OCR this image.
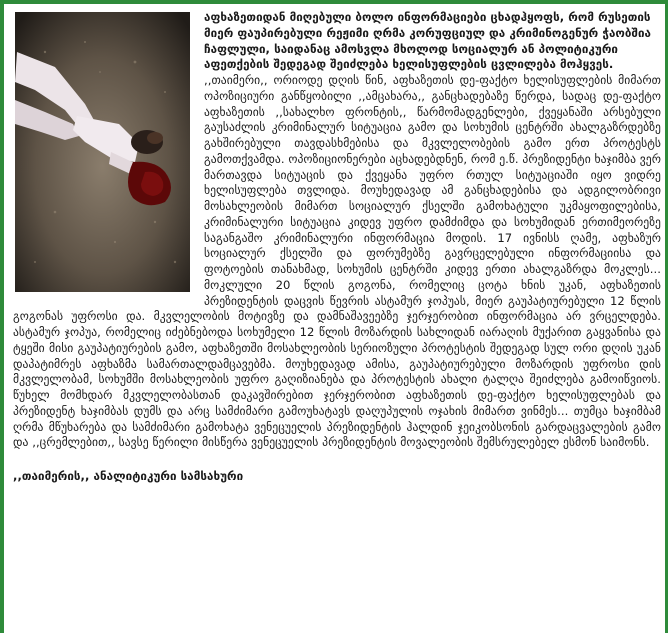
აფხაზეთიდან მიღებული ბოლო ინფორმაციები ცხადჰყოფს, რომ რუსეთის მიერ ფაუპირებული რეჟიმი ღრმა კორუფციულ და კრიმინოგენურ ჭაობშია ჩაფლული, საიდანაც ამოსვლა მხოლოდ სოციალურ ან პოლიტიკური აფეთქების შედეგად შეიძლება ხელისუფლების ცვლილება მოჰყვეს.

,,თაიმერი,, ორიოდე დღის წინ, აფხაზეთის დე-ფაქტო ხელისუფლების მიმართ ოპოზიციური განწყობილი ,,ამცახარა,, განცხადებაზე წერდა, სადაც დე-ფაქტო აფხაზეთის ,,სახალხო ფრონტის,, წარმომადგენლები, ქვეყანაში არსებული გაუსაძლის კრიმინალურ სიტუაცია გამო და სოხუმის ცენტრში ახალგაზრდებზე გახშირებული თავდასხმებისა და მკვლელობების გამო ერთ პროტესტს გამოთქვამდა. ოპოზიციონერები აცხადებდნენ, რომ ე.წ. პრეზიდენტი ხაჯიმბა ვერ მართავდა სიტუაცის და ქვეყანა უფრო რთულ სიტუაციაში იყო ვიდრე ხელისუფლება თვლიდა. მოუხედავად ამ განცხადებისა და ადგილობრივი მოსახლეობის მიმართ სოციალურ ქსელში გამოხატული უკმაყოფილებისა, კრიმინალური სიტუაცია კიდევ უფრო დამძიმდა და სოხუმიდან ერთიმეორეზე საგანგაშო კრიმინალური ინფორმაცია მოდის. 17 ივნისს ღამე, აფხაზურ სოციალურ ქსელში და ფორუმებზე გავრცელებული ინფორმაციისა და ფოტოების თანახმად, სოხუმის ცენტრში კიდევ ერთი ახალგაზრდა მოკლეს... მოკლული 20 წლის გოგონა, რომელიც ცოტა ხნის უკან, აფხაზეთის პრეზიდენტის დაცვის წევრის ასტამურ ჯოპუას, მიერ გაუპატიურებული 12 წლის გოგონას უფროსი და. მკვლელობის მოტივზე და დამნაშავეებზე ჯერჯერობით ინფორმაცია არ ვრცელდება. ასტამურ ჯოპუა, რომელიც იძებნებოდა სოხუმელი 12 წლის მოზარდის სახლიდან იარაღის მუქარით გაყვანისა და ტყეში მისი გაუპატიურების გამო, აფხაზეთში მოსახლეობის სერიოზული პროტესტის შედეგად სულ ორი დღის უკან დაპატიმრეს აფხაზმა სამართალდამცავებმა. მოუხედავად ამისა, გაუპატიურებული მოზარდის უფროსი დის მკვლელობამ, სოხუმში მოსახლეობის უფრო გაღიზიანება და პროტესტის ახალი ტალღა შეიძლება გამოიწვიოს. წუხელ მომხდარ მკვლელობასთან დაკავშირებით ჯერჯერობით აფხაზეთის დე-ფაქტო ხელისუფლებას და პრეზიდენტ ხაჯიმბას დუმს და არც სამძიმარი გამოუხატავს დაღუპულის ოჯახის მიმართ ვინმეს... თუმცა ხაჯიმბამ ღრმა მწუხარება და სამძიმარი გამოხატა ვენეცუელის პრეზიდენტის ჰალდინ ჯეიკობსონის გარდაცვალების გამო და ,,ცრემლებით,, სავსე წერილი მისწერა ვენეცუელის პრეზიდენტის მოვალეობის შემსრულებელ ესმონ საიმონს.

,,თაიმერის,, ანალიტიკური სამსახური
